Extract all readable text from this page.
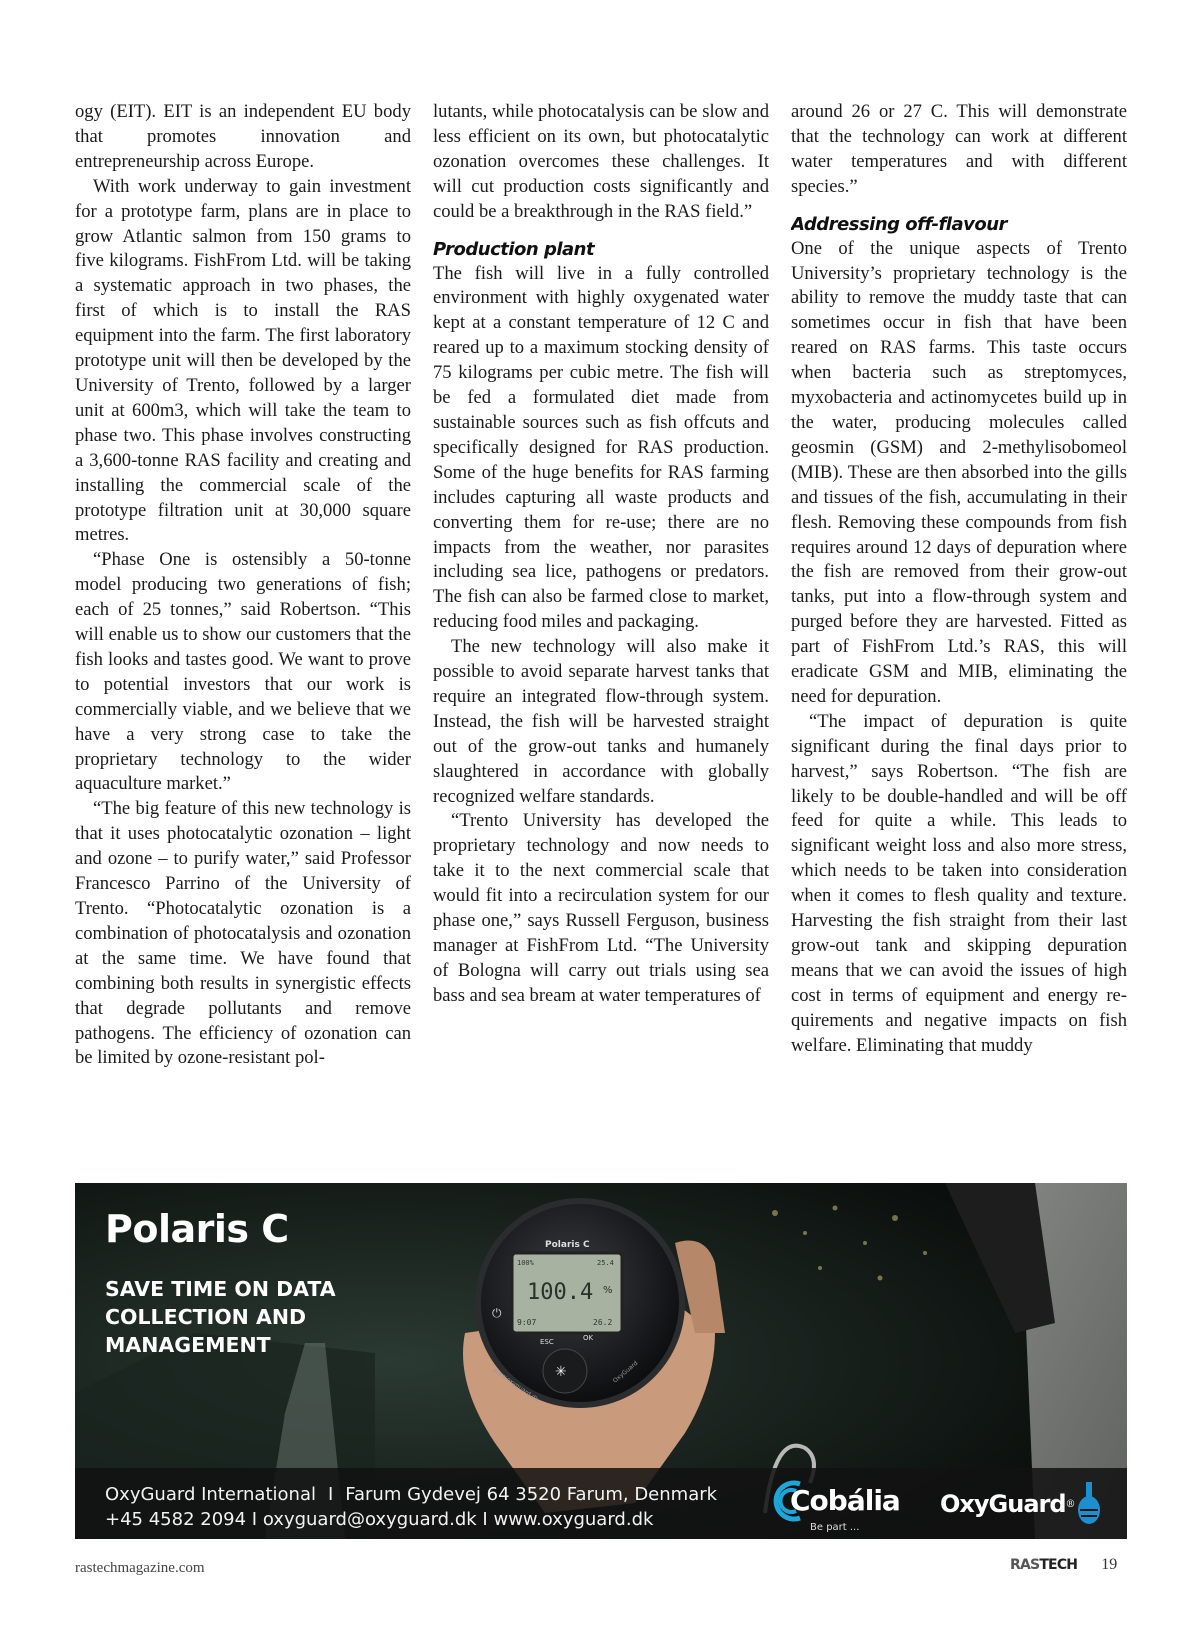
ogy (EIT). EIT is an independent EU body that promotes innovation and entrepreneurship across Europe.

With work underway to gain investment for a prototype farm, plans are in place to grow Atlantic salmon from 150 grams to five kilograms. FishFrom Ltd. will be taking a systematic approach in two phases, the first of which is to install the RAS equipment into the farm. The first laboratory prototype unit will then be developed by the University of Trento, followed by a larger unit at 600m3, which will take the team to phase two. This phase involves constructing a 3,600-tonne RAS facility and creating and installing the commercial scale of the prototype filtration unit at 30,000 square metres.

“Phase One is ostensibly a 50-tonne model producing two generations of fish; each of 25 tonnes,” said Robertson. “This will enable us to show our customers that the fish looks and tastes good. We want to prove to potential investors that our work is commercially viable, and we believe that we have a very strong case to take the proprietary technology to the wider aquaculture market.”

“The big feature of this new technology is that it uses photocatalytic ozonation – light and ozone – to purify water,” said Professor Francesco Parrino of the University of Trento. “Photocatalytic ozonation is a combination of photocatalysis and ozonation at the same time. We have found that combining both results in synergistic effects that degrade pollutants and remove pathogens. The efficiency of ozonation can be limited by ozone-resistant pol-

lutants, while photocatalysis can be slow and less efficient on its own, but photocatalytic ozonation overcomes these challenges. It will cut production costs significantly and could be a breakthrough in the RAS field.”

Production plant

The fish will live in a fully controlled environment with highly oxygenated water kept at a constant temperature of 12 C and reared up to a maximum stocking density of 75 kilograms per cubic metre. The fish will be fed a formulated diet made from sustainable sources such as fish offcuts and specifically designed for RAS production. Some of the huge benefits for RAS farming includes capturing all waste products and converting them for re-use; there are no impacts from the weather, nor parasites including sea lice, pathogens or predators. The fish can also be farmed close to market, reducing food miles and packaging.

The new technology will also make it possible to avoid separate harvest tanks that require an integrated flow-through system. Instead, the fish will be harvested straight out of the grow-out tanks and humanely slaughtered in accordance with globally recognized welfare standards.

“Trento University has developed the proprietary technology and now needs to take it to the next commercial scale that would fit into a recirculation system for our phase one,” says Russell Ferguson, business manager at FishFrom Ltd. “The University of Bologna will carry out trials using sea bass and sea bream at water temperatures of

around 26 or 27 C. This will demonstrate that the technology can work at different water temperatures and with different species.”

Addressing off-flavour

One of the unique aspects of Trento University’s proprietary technology is the ability to remove the muddy taste that can sometimes occur in fish that have been reared on RAS farms. This taste occurs when bacteria such as streptomyces, myxobacteria and actinomycetes build up in the water, producing molecules called geosmin (GSM) and 2-methylisobomeol (MIB). These are then absorbed into the gills and tissues of the fish, accumulating in their flesh. Removing these compounds from fish requires around 12 days of depuration where the fish are removed from their grow-out tanks, put into a flow-through system and purged before they are harvested. Fitted as part of FishFrom Ltd.’s RAS, this will eradicate GSM and MIB, eliminating the need for depuration.

“The impact of depuration is quite significant during the final days prior to harvest,” says Robertson. “The fish are likely to be double-handled and will be off feed for quite a while. This leads to significant weight loss and also more stress, which needs to be taken into consideration when it comes to flesh quality and texture. Harvesting the fish straight from their last grow-out tank and skipping depuration means that we can avoid the issues of high cost in terms of equipment and energy requirements and negative impacts on fish welfare. Eliminating that muddy

Polaris C
100%	25.4
100.4 %
9:07	26.2
ESC	OK
✳
⏻
www.oxyguard.dk	OxyGuard
Polaris C

SAVE TIME ON DATA COLLECTION AND MANAGEMENT

OxyGuard International I Farum Gydevej 64 3520 Farum, Denmark
+45 4582 2094 I oxyguard@oxyguard.dk I www.oxyguard.dk
Cobália
Be part ...
OxyGuard ®
rastechmagazine.com	RASTECH 19
